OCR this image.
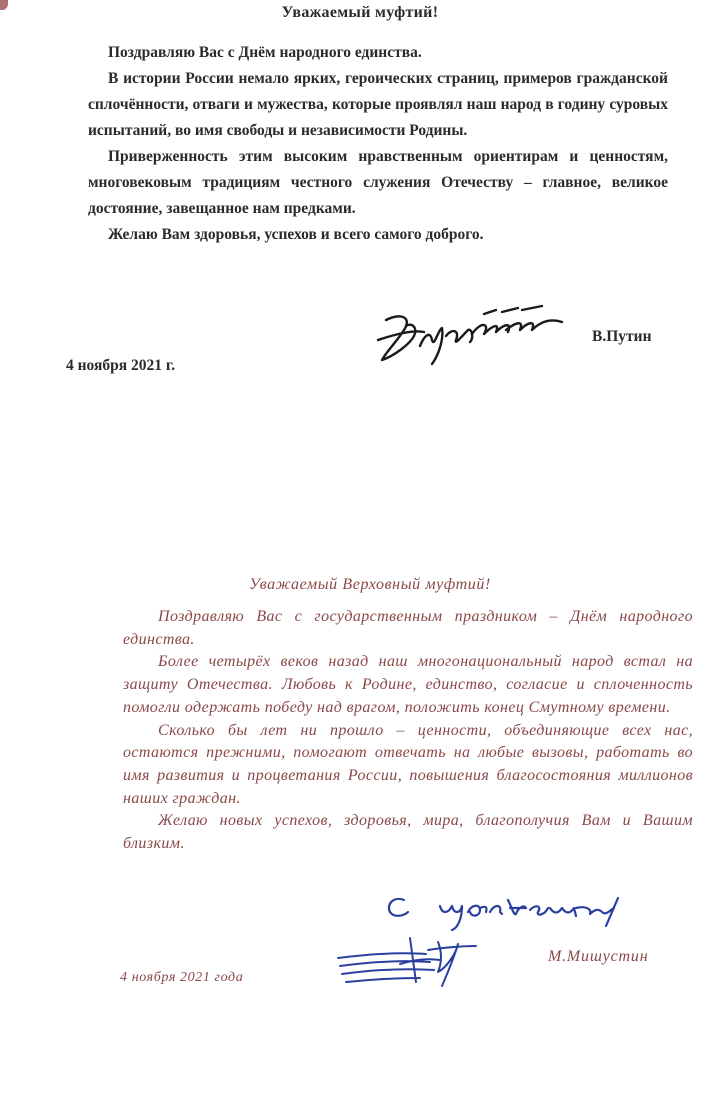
Уважаемый муфтий!

Поздравляю Вас с Днём народного единства.

В истории России немало ярких, героических страниц, примеров гражданской сплочённости, отваги и мужества, которые проявлял наш народ в годину суровых испытаний, во имя свободы и независимости Родины.

Приверженность этим высоким нравственным ориентирам и ценностям, многовековым традициям честного служения Отечеству – главное, великое достояние, завещанное нам предками.

Желаю Вам здоровья, успехов и всего самого доброго.

В.Путин
4 ноября 2021 г.
Уважаемый Верховный муфтий!

Поздравляю Вас с государственным праздником – Днём народного единства.

Более четырёх веков назад наш многонациональный народ встал на защиту Отечества. Любовь к Родине, единство, согласие и сплоченность помогли одержать победу над врагом, положить конец Смутному времени.

Сколько бы лет ни прошло – ценности, объединяющие всех нас, остаются прежними, помогают отвечать на любые вызовы, работать во имя развития и процветания России, повышения благосостояния миллионов наших граждан.

Желаю новых успехов, здоровья, мира, благополучия Вам и Вашим близким.

М.Мишустин
4 ноября 2021 года
